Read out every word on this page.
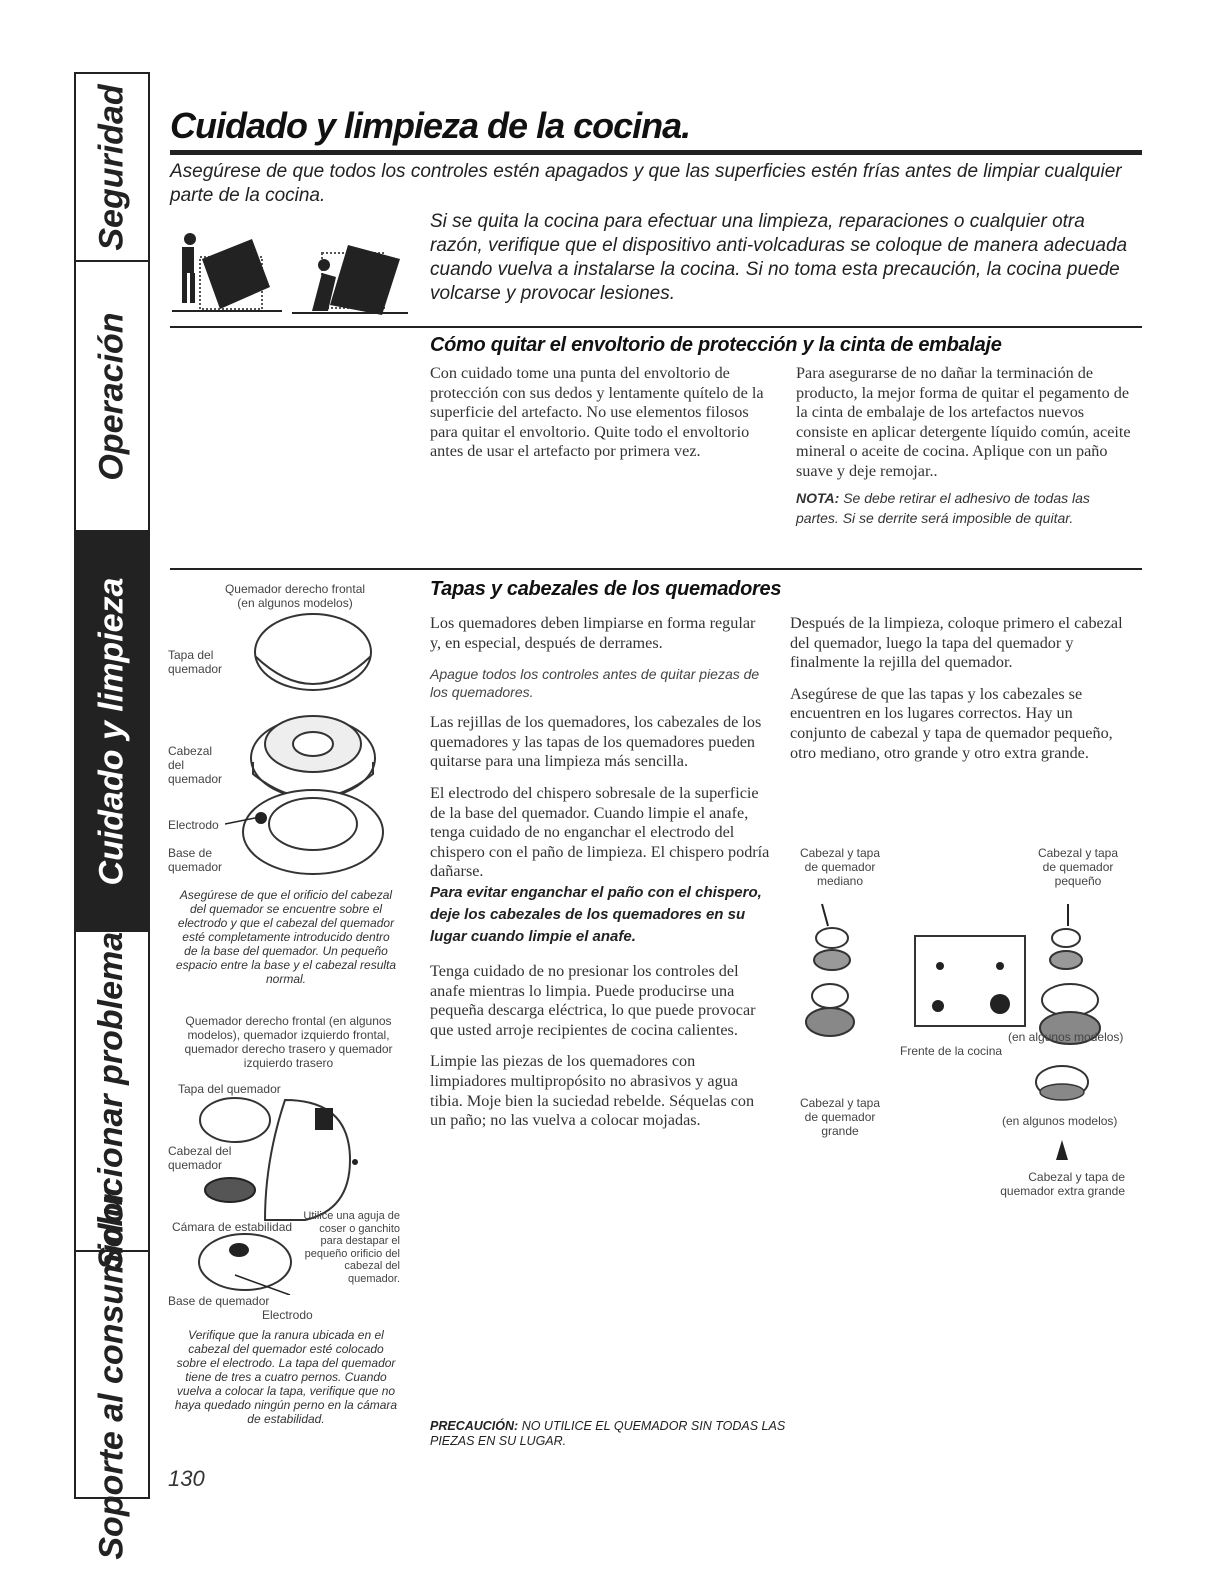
Seguridad
Operación
Cuidado y limpieza
Solucionar problemas
Soporte al consumidor
Cuidado y limpieza de la cocina.
Asegúrese de que todos los controles estén apagados y que las superficies estén frías antes de limpiar cualquier parte de la cocina.
Si se quita la cocina para efectuar una limpieza, reparaciones o cualquier otra razón, verifique que el dispositivo anti-volcaduras se coloque de manera adecuada cuando vuelva a instalarse la cocina. Si no toma esta precaución, la cocina puede volcarse y provocar lesiones.
Cómo quitar el envoltorio de protección y la cinta de embalaje
Con cuidado tome una punta del envoltorio de protección con sus dedos y lentamente quítelo de la superficie del artefacto. No use elementos filosos para quitar el envoltorio. Quite todo el envoltorio antes de usar el artefacto por primera vez.

Para asegurarse de no dañar la terminación de producto, la mejor forma de quitar el pegamento de la cinta de embalaje de los artefactos nuevos consiste en aplicar detergente líquido común, aceite mineral o aceite de cocina. Aplique con un paño suave y deje remojar..

NOTA: Se debe retirar el adhesivo de todas las partes. Si se derrite será imposible de quitar.

Tapas y cabezales de los quemadores

Los quemadores deben limpiarse en forma regular y, en especial, después de derrames.

Apague todos los controles antes de quitar piezas de los quemadores.

Las rejillas de los quemadores, los cabezales de los quemadores y las tapas de los quemadores pueden quitarse para una limpieza más sencilla.

El electrodo del chispero sobresale de la superficie de la base del quemador. Cuando limpie el anafe, tenga cuidado de no enganchar el electrodo del chispero con el paño de limpieza. El chispero podría dañarse.

Para evitar enganchar el paño con el chispero, deje los cabezales de los quemadores en su lugar cuando limpie el anafe.

Tenga cuidado de no presionar los controles del anafe mientras lo limpia. Puede producirse una pequeña descarga eléctrica, lo que puede provocar que usted arroje recipientes de cocina calientes.

Limpie las piezas de los quemadores con limpiadores multipropósito no abrasivos y agua tibia. Moje bien la suciedad rebelde. Séquelas con un paño; no las vuelva a colocar mojadas.

Después de la limpieza, coloque primero el cabezal del quemador, luego la tapa del quemador y finalmente la rejilla del quemador.

Asegúrese de que las tapas y los cabezales se encuentren en los lugares correctos. Hay un conjunto de cabezal y tapa de quemador pequeño, otro mediano, otro grande y otro extra grande.

Quemador derecho frontal
(en algunos modelos)
Tapa del quemador
Cabezal del quemador
Electrodo
Base de quemador
Asegúrese de que el orificio del cabezal del quemador se encuentre sobre el electrodo y que el cabezal del quemador esté completamente introducido dentro de la base del quemador. Un pequeño espacio entre la base y el cabezal resulta normal.
Quemador derecho frontal (en algunos modelos), quemador izquierdo frontal, quemador derecho trasero y quemador izquierdo trasero
Tapa del quemador
Cabezal del quemador
Cámara de estabilidad
Utilice una aguja de coser o ganchito para destapar el pequeño orificio del cabezal del quemador.
Base de quemador
Electrodo
Verifique que la ranura ubicada en el cabezal del quemador esté colocado sobre el electrodo. La tapa del quemador tiene de tres a cuatro pernos. Cuando vuelva a colocar la tapa, verifique que no haya quedado ningún perno en la cámara de estabilidad.
Cabezal y tapa de quemador mediano
Cabezal y tapa de quemador pequeño
(en algunos modelos)
Frente de la cocina
Cabezal y tapa de quemador grande
(en algunos modelos)
Cabezal y tapa de quemador extra grande
PRECAUCIÓN: NO UTILICE EL QUEMADOR SIN TODAS LAS PIEZAS EN SU LUGAR.
130
